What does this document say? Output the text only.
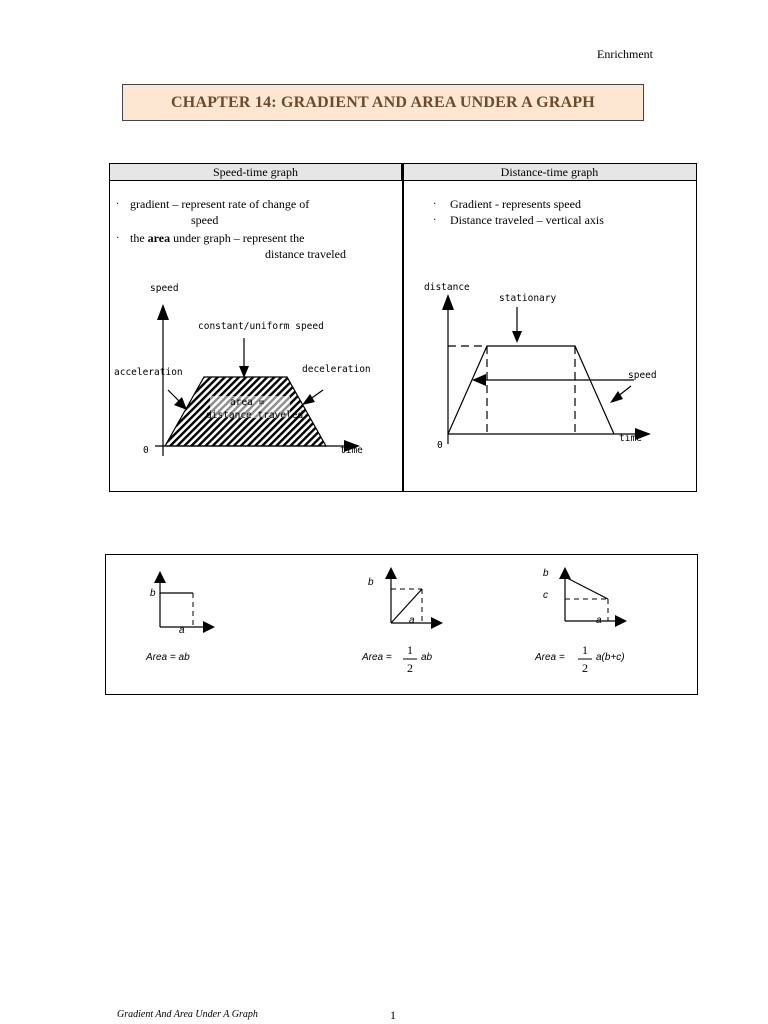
Enrichment
CHAPTER 14: GRADIENT AND AREA UNDER A GRAPH
Speed-time graph	Distance-time graph
· gradient – represent rate of change of
speed
· the area under graph – represent the
distance traveled
· Gradient - represents speed
· Distance traveled – vertical axis
speed
constant/uniform speed
acceleration	deceleration
area =
distance traveled
0	time
distance
stationary
speed
0
time
b
a
Area = ab
b
a
Area =
1
2
ab
b
c
a
Area =
1
2
a(b+c)
Gradient And Area Under A Graph	1
